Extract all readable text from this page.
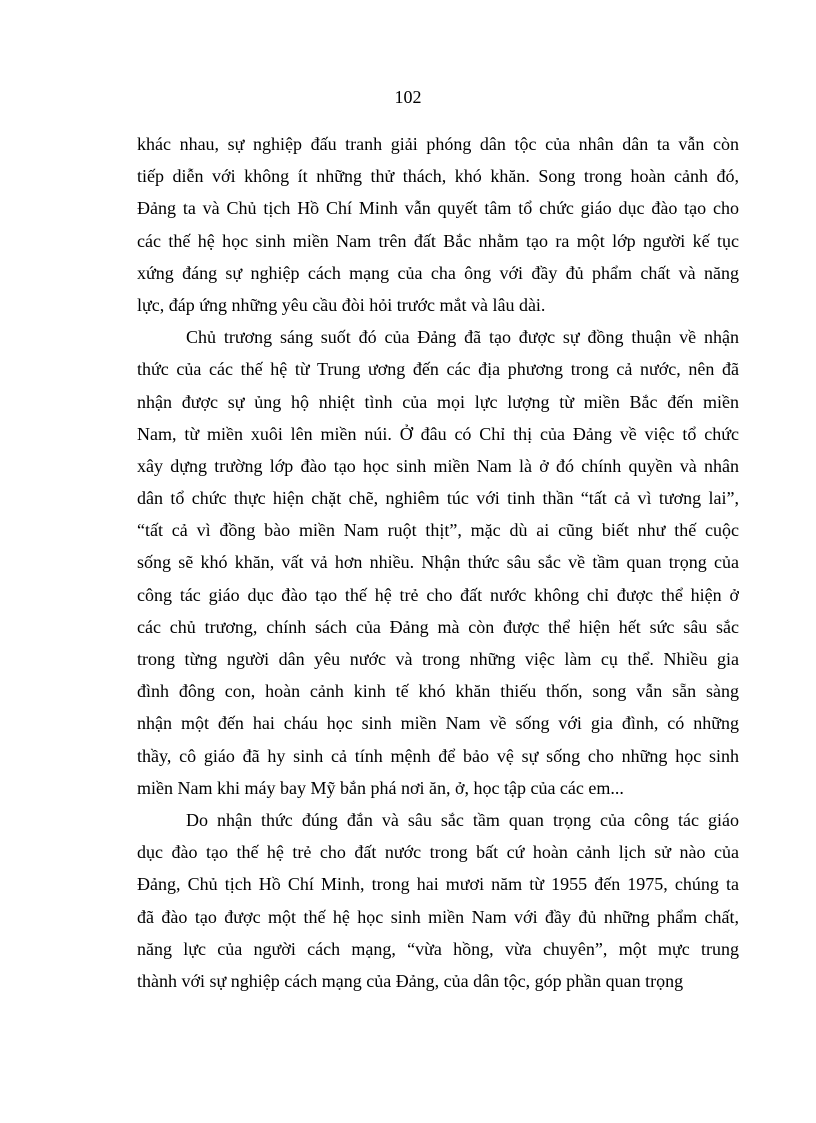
102

khác nhau, sự nghiệp đấu tranh giải phóng dân tộc của nhân dân ta vẫn còn
tiếp diễn với không ít những thử thách, khó khăn. Song trong hoàn cảnh đó,
Đảng ta và Chủ tịch Hồ Chí Minh vẫn quyết tâm tổ chức giáo dục đào tạo cho
các thế hệ học sinh miền Nam trên đất Bắc nhằm tạo ra một lớp người kế tục
xứng đáng sự nghiệp cách mạng của cha ông với đầy đủ phẩm chất và năng
lực, đáp ứng những yêu cầu đòi hỏi trước mắt và lâu dài.

Chủ trương sáng suốt đó của Đảng đã tạo được sự đồng thuận về nhận
thức của các thế hệ từ Trung ương đến các địa phương trong cả nước, nên đã
nhận được sự ủng hộ nhiệt tình của mọi lực lượng từ miền Bắc đến miền
Nam, từ miền xuôi lên miền núi. Ở đâu có Chỉ thị của Đảng về việc tổ chức
xây dựng trường lớp đào tạo học sinh miền Nam là ở đó chính quyền và nhân
dân tổ chức thực hiện chặt chẽ, nghiêm túc với tinh thần “tất cả vì tương lai”,
“tất cả vì đồng bào miền Nam ruột thịt”, mặc dù ai cũng biết như thế cuộc
sống sẽ khó khăn, vất vả hơn nhiều. Nhận thức sâu sắc về tầm quan trọng của
công tác giáo dục đào tạo thế hệ trẻ cho đất nước không chỉ được thể hiện ở
các chủ trương, chính sách của Đảng mà còn được thể hiện hết sức sâu sắc
trong từng người dân yêu nước và trong những việc làm cụ thể. Nhiều gia
đình đông con, hoàn cảnh kinh tế khó khăn thiếu thốn, song vẫn sẵn sàng
nhận một đến hai cháu học sinh miền Nam về sống với gia đình, có những
thầy, cô giáo đã hy sinh cả tính mệnh để bảo vệ sự sống cho những học sinh
miền Nam khi máy bay Mỹ bắn phá nơi ăn, ở, học tập của các em...

Do nhận thức đúng đắn và sâu sắc tầm quan trọng của công tác giáo
dục đào tạo thế hệ trẻ cho đất nước trong bất cứ hoàn cảnh lịch sử nào của
Đảng, Chủ tịch Hồ Chí Minh, trong hai mươi năm từ 1955 đến 1975, chúng ta
đã đào tạo được một thế hệ học sinh miền Nam với đầy đủ những phẩm chất,
năng lực của người cách mạng, “vừa hồng, vừa chuyên”, một mực trung
thành với sự nghiệp cách mạng của Đảng, của dân tộc, góp phần quan trọng
